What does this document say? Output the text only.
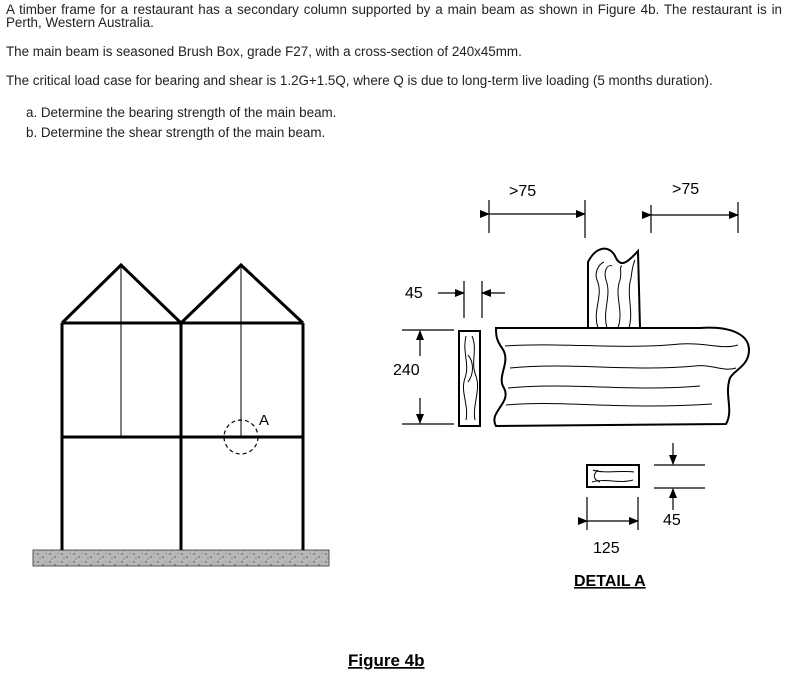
A timber frame for a restaurant has a secondary column supported by a main beam as shown in Figure 4b. The restaurant is in Perth, Western Australia.

The main beam is seasoned Brush Box, grade F27, with a cross-section of 240x45mm.

The critical load case for bearing and shear is 1.2G+1.5Q, where Q is due to long-term live loading (5 months duration).

a. Determine the bearing strength of the main beam.
b. Determine the shear strength of the main beam.
A
>75	>75
45
240
45
125
DETAIL A
Figure 4b
